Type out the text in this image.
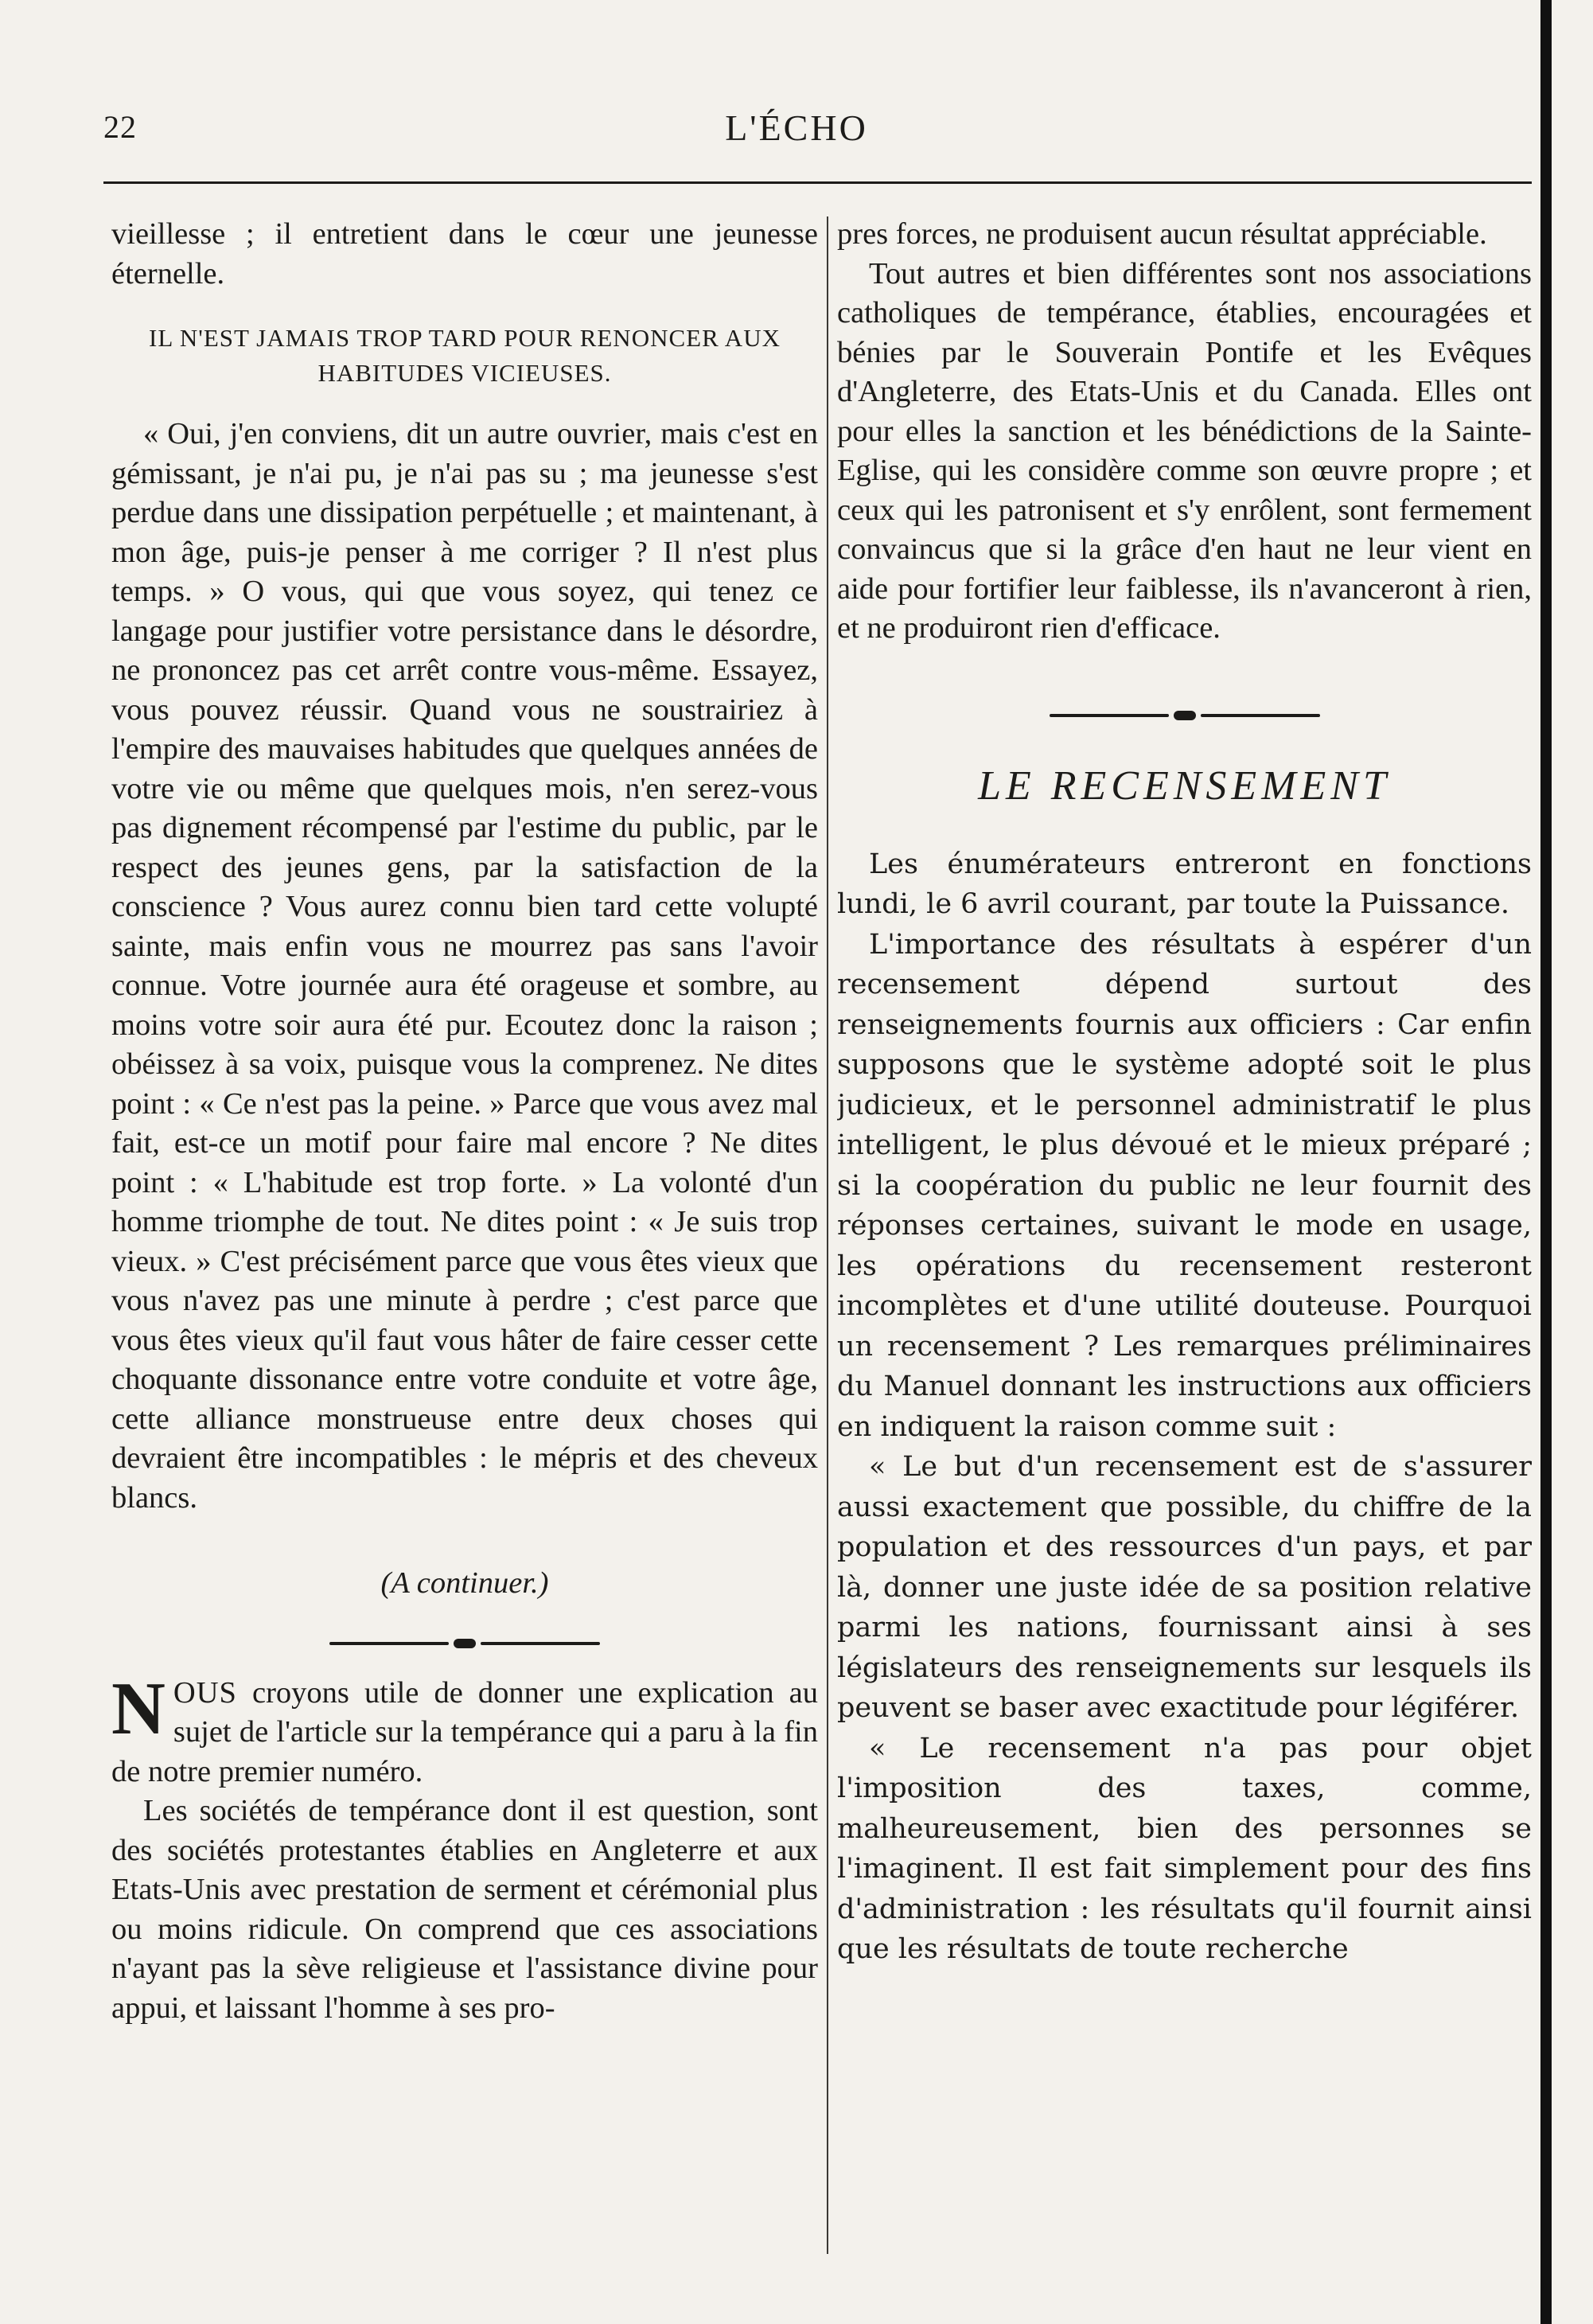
22	L'ÉCHO

vieillesse ; il entretient dans le cœur une jeunesse éternelle.

IL N'EST JAMAIS TROP TARD POUR RENONCER AUX HABITUDES VICIEUSES.

« Oui, j'en conviens, dit un autre ouvrier, mais c'est en gémissant, je n'ai pu, je n'ai pas su ; ma jeunesse s'est perdue dans une dissipation perpétuelle ; et maintenant, à mon âge, puis-je penser à me corriger ? Il n'est plus temps. » O vous, qui que vous soyez, qui tenez ce langage pour justifier votre persistance dans le désordre, ne prononcez pas cet arrêt contre vous-même. Essayez, vous pouvez réussir. Quand vous ne soustrairiez à l'empire des mauvaises habitudes que quelques années de votre vie ou même que quelques mois, n'en serez-vous pas dignement récompensé par l'estime du public, par le respect des jeunes gens, par la satisfaction de la conscience ? Vous aurez connu bien tard cette volupté sainte, mais enfin vous ne mourrez pas sans l'avoir connue. Votre journée aura été orageuse et sombre, au moins votre soir aura été pur. Ecoutez donc la raison ; obéissez à sa voix, puisque vous la comprenez. Ne dites point : « Ce n'est pas la peine. » Parce que vous avez mal fait, est-ce un motif pour faire mal encore ? Ne dites point : « L'habitude est trop forte. » La volonté d'un homme triomphe de tout. Ne dites point : « Je suis trop vieux. » C'est précisément parce que vous êtes vieux que vous n'avez pas une minute à perdre ; c'est parce que vous êtes vieux qu'il faut vous hâter de faire cesser cette choquante dissonance entre votre conduite et votre âge, cette alliance monstrueuse entre deux choses qui devraient être incompatibles : le mépris et des cheveux blancs.

(A continuer.)

NOUS croyons utile de donner une explication au sujet de l'article sur la tempérance qui a paru à la fin de notre premier numéro.

Les sociétés de tempérance dont il est question, sont des sociétés protestantes établies en Angleterre et aux Etats-Unis avec prestation de serment et cérémonial plus ou moins ridicule. On comprend que ces associations n'ayant pas la sève religieuse et l'assistance divine pour appui, et laissant l'homme à ses pro-

pres forces, ne produisent aucun résultat appréciable.

Tout autres et bien différentes sont nos associations catholiques de tempérance, établies, encouragées et bénies par le Souverain Pontife et les Evêques d'Angleterre, des Etats-Unis et du Canada. Elles ont pour elles la sanction et les bénédictions de la Sainte-Eglise, qui les considère comme son œuvre propre ; et ceux qui les patronisent et s'y enrôlent, sont fermement convaincus que si la grâce d'en haut ne leur vient en aide pour fortifier leur faiblesse, ils n'avanceront à rien, et ne produiront rien d'efficace.

LE RECENSEMENT

Les énumérateurs entreront en fonctions lundi, le 6 avril courant, par toute la Puissance.

L'importance des résultats à espérer d'un recensement dépend surtout des renseignements fournis aux officiers : Car enfin supposons que le système adopté soit le plus judicieux, et le personnel administratif le plus intelligent, le plus dévoué et le mieux préparé ; si la coopération du public ne leur fournit des réponses certaines, suivant le mode en usage, les opérations du recensement resteront incomplètes et d'une utilité douteuse. Pourquoi un recensement ? Les remarques préliminaires du Manuel donnant les instructions aux officiers en indiquent la raison comme suit :

« Le but d'un recensement est de s'assurer aussi exactement que possible, du chiffre de la population et des ressources d'un pays, et par là, donner une juste idée de sa position relative parmi les nations, fournissant ainsi à ses législateurs des renseignements sur lesquels ils peuvent se baser avec exactitude pour légiférer.

« Le recensement n'a pas pour objet l'imposition des taxes, comme, malheureusement, bien des personnes se l'imaginent. Il est fait simplement pour des fins d'administration : les résultats qu'il fournit ainsi que les résultats de toute recherche
